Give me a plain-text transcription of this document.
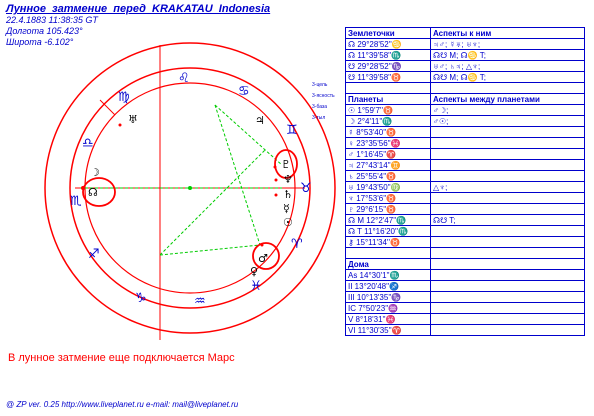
♈
♉
♊
♋
♌
♍
♎
♏
♐
♑	♒
♓
☽
☊
♅	♃
♇
♆
♄
☿
☉
♂
♀
Лунное_затмение_перед_KRAKATAU_Indonesia
22.4.1883 11:38:35 GT
Долгота 105.423°
Широта -6.102°
3-цель
3-ясность
3-база
3-тыл
Землеточки	Аспекты к ним
☊ 29°28'52''♋	♃♂; ☿♅; ♅♆;
☊ 11°39'58''♏	☊☋ M; ☊♋ T;
☋ 29°28'52''♑	♅♂; ♄♃; △♆;
☋ 11°39'58''♉	☊☋ M; ☊♋ T;

Планеты	Аспекты между планетами
☉ 1°59'7''♉	♂☽;
☽ 2°4'11''♏	♂☉;
☿ 8°53'40''♉	
♀ 23°35'56''♓	
♂ 1°16'45''♈	
♃ 27°43'14''♊	
♄ 25°55'4''♉	
♅ 19°43'50''♍	△♆;
♆ 17°53'6''♉	
♇ 29°6'15''♉	
☊ M 12°2'47''♏	☊☋ T;
☊ T 11°16'20''♏	
⚷ 15°11'34''♉	

Дома	
As 14°30'1''♏	
II 13°20'48''♐	
III 10°13'35''♑	
IC 7°50'23''♒	
V 8°18'31''♓	
VI 11°30'35''♈	
В лунное затмение еще подключается Марс
@ ZP ver. 0.25 http://www.liveplanet.ru e-mail: mail@liveplanet.ru
